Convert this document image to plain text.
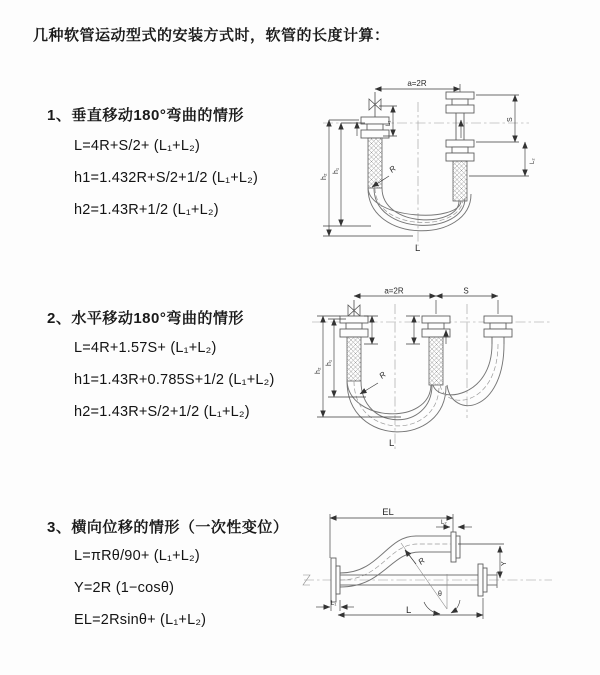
几种软管运动型式的安装方式时，软管的长度计算：
1、垂直移动180°弯曲的情形
L=4R+S/2+ (L₁+L₂)
h1=1.432R+S/2+1/2 (L₁+L₂)
h2=1.43R+1/2 (L₁+L₂)
2、水平移动180°弯曲的情形
L=4R+1.57S+ (L₁+L₂)
h1=1.43R+0.785S+1/2 (L₁+L₂)
h2=1.43R+S/2+1/2 (L₁+L₂)
3、横向位移的情形（一次性变位）
L=πRθ/90+ (L₁+L₂)
Y=2R (1−cosθ)
EL=2Rsinθ+ (L₁+L₂)
a=2R
h₂
h₁
L₁
S
L₂
R
L
a=2R	S
h₂
h₁
R
L
EL
L₂
θ
R	Y
L₁
L
